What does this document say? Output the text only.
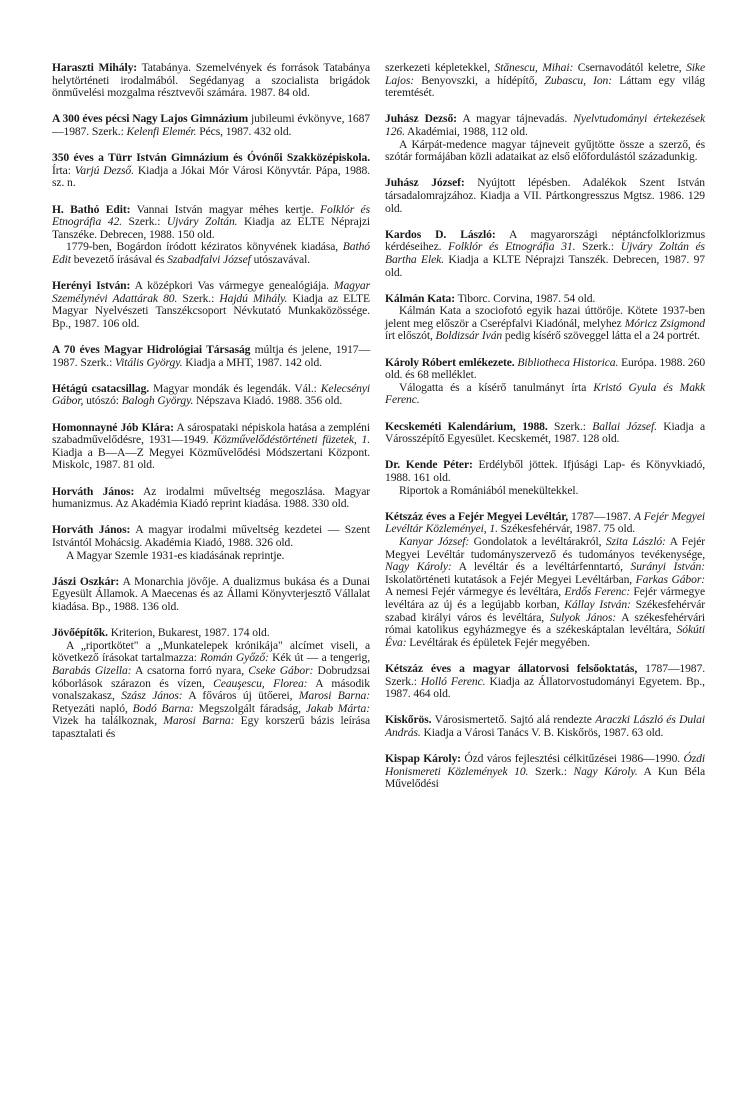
Haraszti Mihály: Tatabánya. Szemelvények és források Tatabánya helytörténeti irodalmából. Segédanyag a szocialista brigádok önművelési mozgalma résztvevői számára. 1987. 84 old.

A 300 éves pécsi Nagy Lajos Gimnázium jubileumi évkönyve, 1687—1987. Szerk.: Kelenfi Elemér. Pécs, 1987. 432 old.

350 éves a Türr István Gimnázium és Óvónői Szakközépiskola. Írta: Varjú Dezső. Kiadja a Jókai Mór Városi Könyvtár. Pápa, 1988. sz. n.

H. Bathó Edit: Vannai István magyar méhes kertje. Folklór és Etnográfia 42. Szerk.: Ujváry Zoltán. Kiadja az ELTE Néprajzi Tanszéke. Debrecen, 1988. 150 old.

1779-ben, Bogárdon íródott kéziratos könyvének kiadása, Bathó Edit bevezető írásával és Szabadfalvi József utószavával.

Herényi István: A középkori Vas vármegye genealógiája. Magyar Személynévi Adattárak 80. Szerk.: Hajdú Mihály. Kiadja az ELTE Magyar Nyelvészeti Tanszékcsoport Névkutató Munkaközössége. Bp., 1987. 106 old.

A 70 éves Magyar Hidrológiai Társaság múltja és jelene, 1917—1987. Szerk.: Vitális György. Kiadja a MHT, 1987. 142 old.

Hétágú csatacsillag. Magyar mondák és legendák. Vál.: Kelecsényi Gábor, utószó: Balogh György. Népszava Kiadó. 1988. 356 old.

Homonnayné Jób Klára: A sárospataki népiskola hatása a zempléni szabadművelődésre, 1931—1949. Közművelődéstörténeti füzetek, 1. Kiadja a B—A—Z Megyei Közművelődési Módszertani Központ. Miskolc, 1987. 81 old.

Horváth János: Az irodalmi műveltség megoszlása. Magyar humanizmus. Az Akadémia Kiadó reprint kiadása. 1988. 330 old.

Horváth János: A magyar irodalmi műveltség kezdetei — Szent Istvántól Mohácsig. Akadémia Kiadó, 1988. 326 old.

A Magyar Szemle 1931-es kiadásának reprintje.

Jászi Oszkár: A Monarchia jövője. A dualizmus bukása és a Dunai Egyesült Államok. A Maecenas és az Állami Könyvterjesztő Vállalat kiadása. Bp., 1988. 136 old.

Jövőépítők. Kriterion, Bukarest, 1987. 174 old.

A „riportkötet" a „Munkatelepek krónikája" alcímet viseli, a következő írásokat tartalmazza: Román Győző: Kék út — a tengerig, Barabás Gizella: A csatorna forró nyara, Cseke Gábor: Dobrudzsai kóborlások szárazon és vízen, Ceauşescu, Florea: A második vonalszakasz, Szász János: A főváros új ütőerei, Marosi Barna: Retyezáti napló, Bodó Barna: Megszolgált fáradság, Jakab Márta: Vizek ha találkoznak, Marosi Barna: Egy korszerű bázis leírása tapasztalati és

szerkezeti képletekkel, Stănescu, Mihai: Csernavodától keletre, Sike Lajos: Benyovszki, a hídépítő, Zubascu, Ion: Láttam egy világ teremtését.

Juhász Dezső: A magyar tájnevadás. Nyelvtudományi értekezések 126. Akadémiai, 1988, 112 old.

A Kárpát-medence magyar tájneveit gyűjtötte össze a szerző, és szótár formájában közli adataikat az első előfordulástól századunkig.

Juhász József: Nyújtott lépésben. Adalékok Szent István társadalomrajzához. Kiadja a VII. Pártkongresszus Mgtsz. 1986. 129 old.

Kardos D. László: A magyarországi néptáncfolklorizmus kérdéseihez. Folklór és Etnográfia 31. Szerk.: Ujváry Zoltán és Bartha Elek. Kiadja a KLTE Néprajzi Tanszék. Debrecen, 1987. 97 old.

Kálmán Kata: Tiborc. Corvina, 1987. 54 old.

Kálmán Kata a szociofotó egyik hazai úttörője. Kötete 1937-ben jelent meg először a Cserépfalvi Kiadónál, melyhez Móricz Zsigmond írt előszót, Boldizsár Iván pedig kísérő szöveggel látta el a 24 portrét.

Károly Róbert emlékezete. Bibliotheca Historica. Európa. 1988. 260 old. és 68 melléklet.

Válogatta és a kísérő tanulmányt írta Kristó Gyula és Makk Ferenc.

Kecskeméti Kalendárium, 1988. Szerk.: Ballai József. Kiadja a Városszépítő Egyesület. Kecskemét, 1987. 128 old.

Dr. Kende Péter: Erdélyből jöttek. Ifjúsági Lap- és Könyvkiadó, 1988. 161 old.

Riportok a Romániából menekültekkel.

Kétszáz éves a Fejér Megyei Levéltár, 1787—1987. A Fejér Megyei Levéltár Közleményei, 1. Székesfehérvár, 1987. 75 old.

Kanyar József: Gondolatok a levéltárakról, Szita László: A Fejér Megyei Levéltár tudományszervező és tudományos tevékenysége, Nagy Károly: A levéltár és a levéltárfenntartó, Surányi István: Iskolatörténeti kutatások a Fejér Megyei Levéltárban, Farkas Gábor: A nemesi Fejér vármegye és levéltára, Erdős Ferenc: Fejér vármegye levéltára az új és a legújabb korban, Kállay István: Székesfehérvár szabad királyi város és levéltára, Sulyok János: A székesfehérvári római katolikus egyházmegye és a székeskáptalan levéltára, Sókúti Éva: Levéltárak és épületek Fejér megyében.

Kétszáz éves a magyar állatorvosi felsőoktatás, 1787—1987. Szerk.: Holló Ferenc. Kiadja az Állatorvostudományi Egyetem. Bp., 1987. 464 old.

Kiskőrös. Városismertető. Sajtó alá rendezte Araczki László és Dulai András. Kiadja a Városi Tanács V. B. Kiskőrös, 1987. 63 old.

Kispap Károly: Ózd város fejlesztési célkitűzései 1986—1990. Ózdi Honismereti Közlemények 10. Szerk.: Nagy Károly. A Kun Béla Művelődési
